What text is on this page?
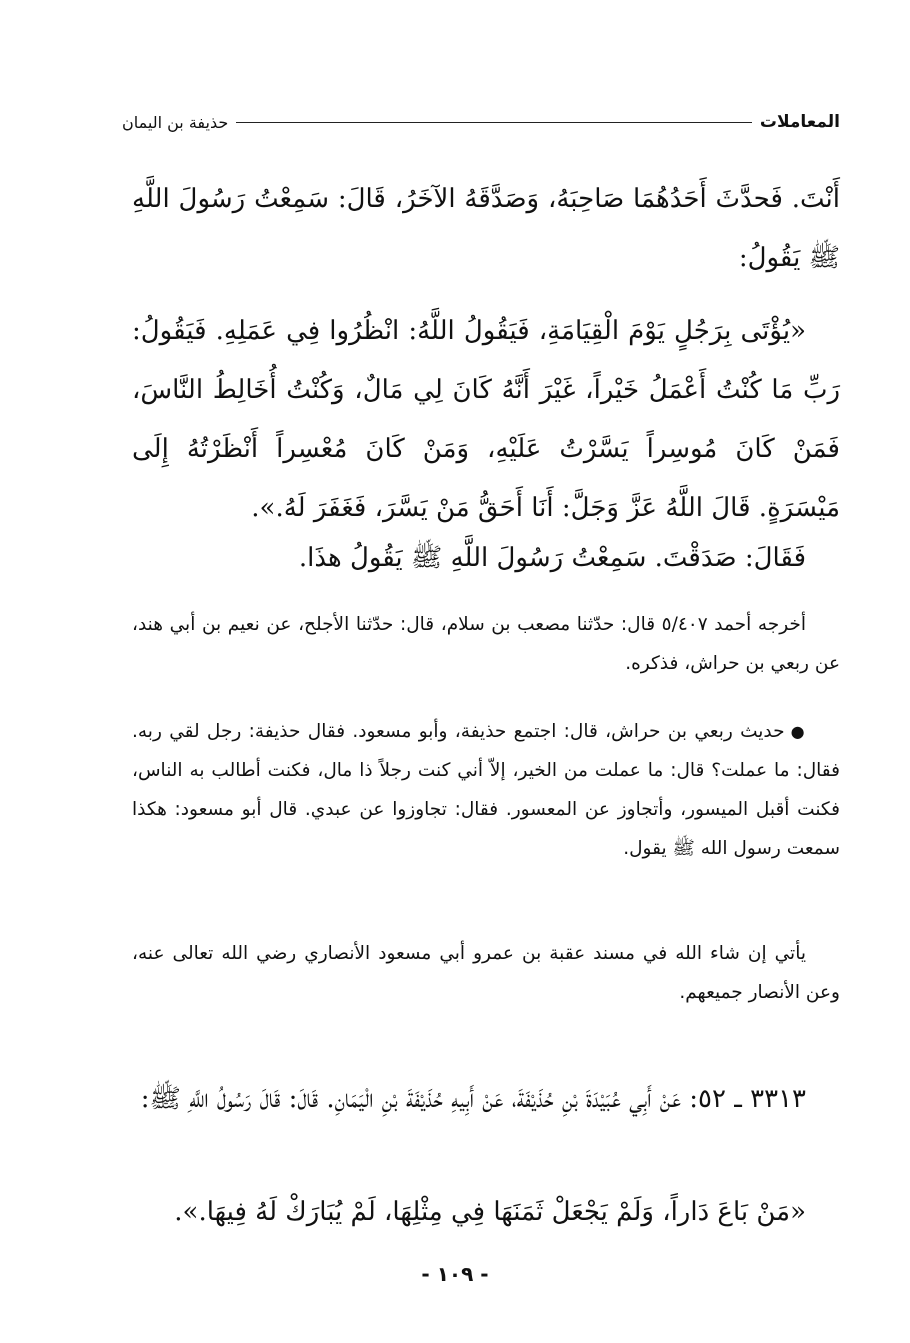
المعاملات
حذيفة بن اليمان

أَنْتَ. فَحدَّثَ أَحَدُهُمَا صَاحِبَهُ، وَصَدَّقَهُ الآخَرُ، قَالَ: سَمِعْتُ رَسُولَ اللَّهِ ﷺ يَقُولُ:

«يُؤْتَى بِرَجُلٍ يَوْمَ الْقِيَامَةِ، فَيَقُولُ اللَّهُ: انْظُرُوا فِي عَمَلِهِ. فَيَقُولُ: رَبِّ مَا كُنْتُ أَعْمَلُ خَيْراً، غَيْرَ أَنَّهُ كَانَ لِي مَالٌ، وَكُنْتُ أُخَالِطُ النَّاسَ، فَمَنْ كَانَ مُوسِراً يَسَّرْتُ عَلَيْهِ، وَمَنْ كَانَ مُعْسِراً أَنْظَرْتُهُ إِلَى مَيْسَرَةٍ. قَالَ اللَّهُ عَزَّ وَجَلَّ: أَنَا أَحَقُّ مَنْ يَسَّرَ، فَغَفَرَ لَهُ.».

فَقَالَ: صَدَقْتَ. سَمِعْتُ رَسُولَ اللَّهِ ﷺ يَقُولُ هذَا.

أخرجه أحمد ٥/٤٠٧ قال: حدّثنا مصعب بن سلام، قال: حدّثنا الأجلح، عن نعيم بن أبي هند، عن ربعي بن حراش، فذكره.

●حديث ربعي بن حراش، قال: اجتمع حذيفة، وأبو مسعود. فقال حذيفة: رجل لقي ربه. فقال: ما عملت؟ قال: ما عملت من الخير، إلاّ أني كنت رجلاً ذا مال، فكنت أطالب به الناس، فكنت أقبل الميسور، وأتجاوز عن المعسور. فقال: تجاوزوا عن عبدي. قال أبو مسعود: هكذا سمعت رسول الله ﷺ يقول.

يأتي إن شاء الله في مسند عقبة بن عمرو أبي مسعود الأنصاري رضي الله تعالى عنه، وعن الأنصار جميعهم.

٣٣١٣ ـ ٥٢: عَنْ أَبِي عُبَيْدَةَ بْنِ حُذَيْفَةَ، عَنْ أَبِيهِ حُذَيْفَةَ بْنِ الْيَمَانِ. قَالَ: قَالَ رَسُولُ اللَّهِ ﷺ:

«مَنْ بَاعَ دَاراً، وَلَمْ يَجْعَلْ ثَمَنَهَا فِي مِثْلِهَا، لَمْ يُبَارَكْ لَهُ فِيهَا.».

- ١٠٩ -
